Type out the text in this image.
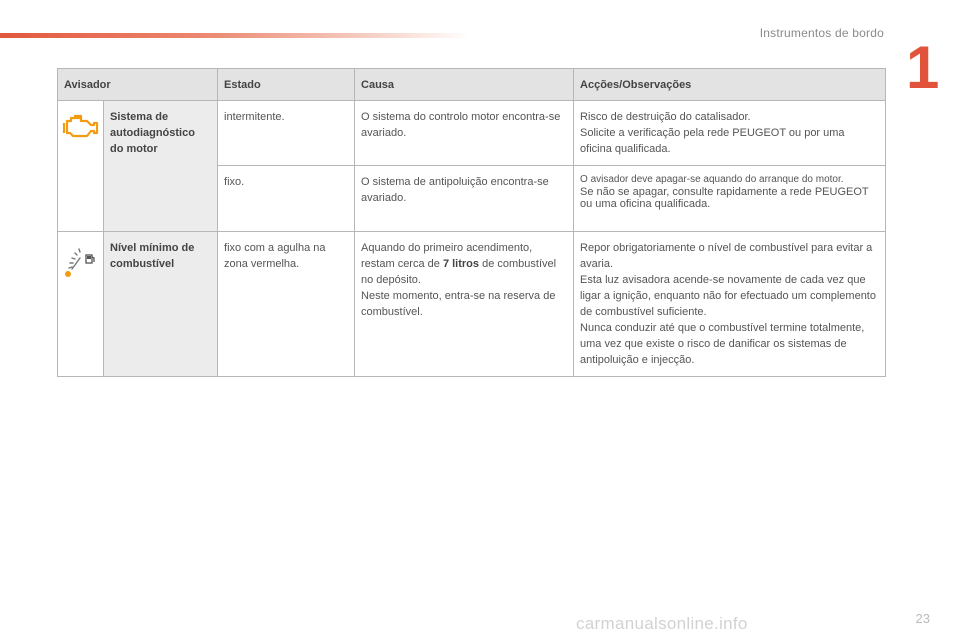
Instrumentos de bordo
1
Avisador		Estado	Causa	Acções/Observações

	Sistema de autodiagnóstico do motor	intermitente.	O sistema do controlo motor encontra-se avariado.	Risco de destruição do catalisador.
Solicite a verificação pela rede PEUGEOT ou por uma oficina qualificada.
		fixo.	O sistema de antipoluição encontra-se avariado.	O avisador deve apagar-se aquando do arranque do motor.
Se não se apagar, consulte rapidamente a rede PEUGEOT ou uma oficina qualificada.

	Nível mínimo de combustível	fixo com a agulha na zona vermelha.	Aquando do primeiro acendimento, restam cerca de 7 litros de combustível no depósito.
Neste momento, entra-se na reserva de combustível.	Repor obrigatoriamente o nível de combustível para evitar a avaria.
Esta luz avisadora acende-se novamente de cada vez que ligar a ignição, enquanto não for efectuado um complemento de combustível suficiente.
Nunca conduzir até que o combustível termine totalmente, uma vez que existe o risco de danificar os sistemas de antipoluição e injecção.
carmanualsonline.info	23
